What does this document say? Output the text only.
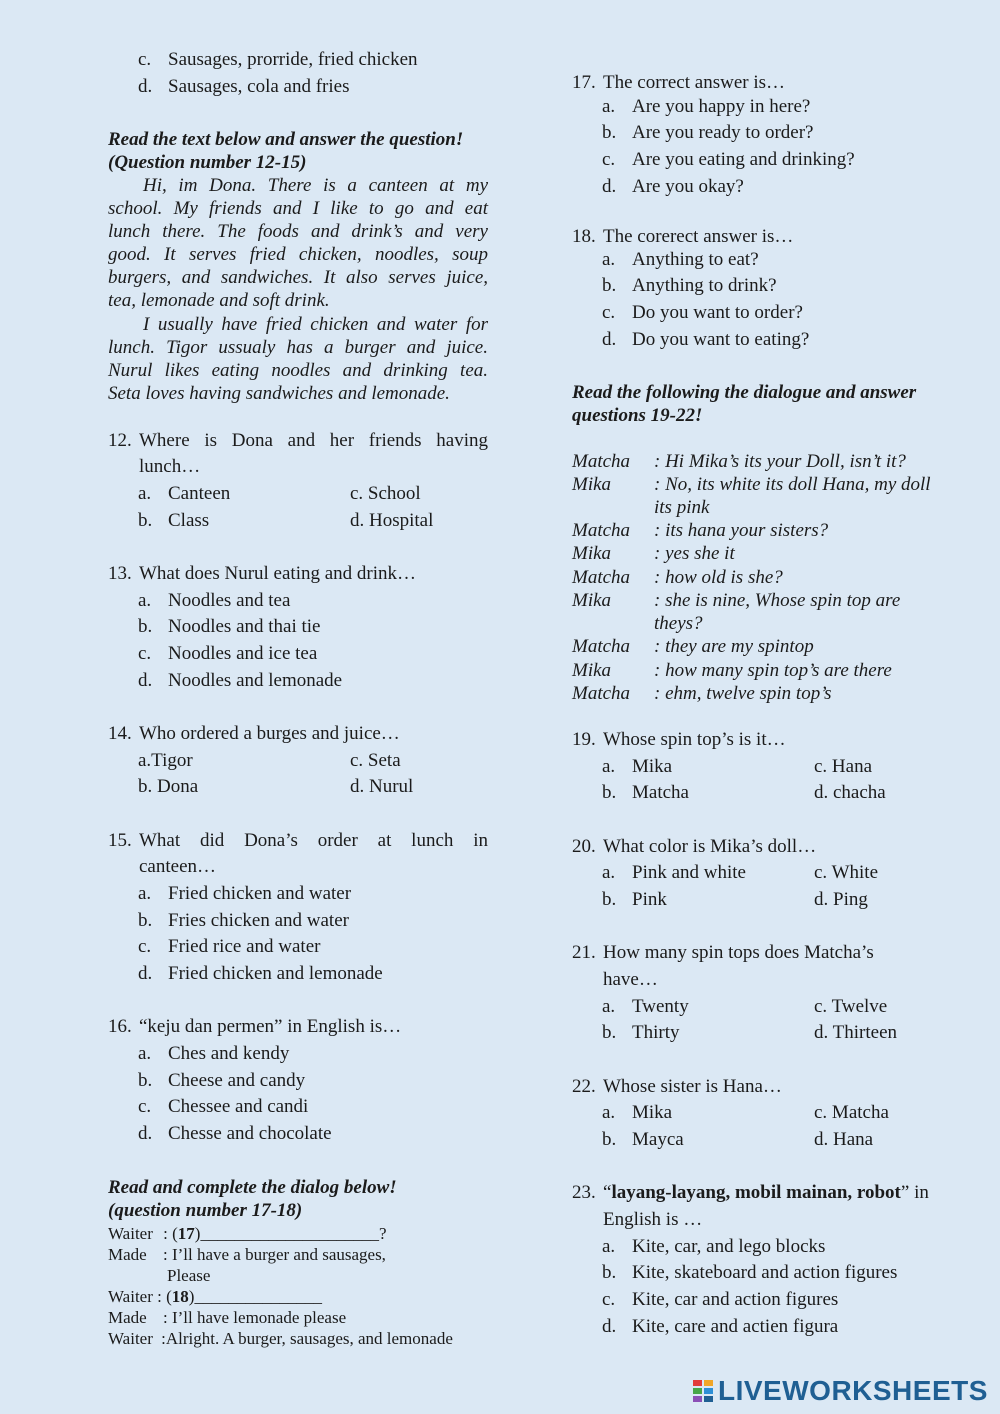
c. Sausages, prorride, fried chicken
d. Sausages, cola and fries
Read the text below and answer the question!
(Question number 12-15)
Hi, im Dona. There is a canteen at my
school. My friends and I like to go and eat
lunch there. The foods and drink’s and very
good. It serves fried chicken, noodles, soup
burgers, and sandwiches. It also serves juice,
tea, lemonade and soft drink.
I usually have fried chicken and water for
lunch. Tigor ussualy has a burger and juice.
Nurul likes eating noodles and drinking tea.
Seta loves having sandwiches and lemonade.
12. Where is Dona and her friends having
lunch…
a. Canteen	c. School
b. Class	d. Hospital
13. What does Nurul eating and drink…
a. Noodles and tea
b. Noodles and thai tie
c. Noodles and ice tea
d. Noodles and lemonade
14. Who ordered a burges and juice…
a.Tigor	c. Seta
b. Dona	d. Nurul
15. What did Dona’s order at lunch in
canteen…
a. Fried chicken and water
b. Fries chicken and water
c. Fried rice and water
d. Fried chicken and lemonade
16. “keju dan permen” in English is…
a. Ches and kendy
b. Cheese and candy
c. Chessee and candi
d. Chesse and chocolate
Read and complete the dialog below!
(question number 17-18)
Waiter : (17)_____________________?
Made : I’ll have a burger and sausages,
Please
Waiter : (18)_______________
Made : I’ll have lemonade please
Waiter :Alright. A burger, sausages, and lemonade
17. The correct answer is…
a. Are you happy in here?
b. Are you ready to order?
c. Are you eating and drinking?
d. Are you okay?
18. The corerect answer is…
a. Anything to eat?
b. Anything to drink?
c. Do you want to order?
d. Do you want to eating?
Read the following the dialogue and answer
questions 19-22!
Matcha : Hi Mika’s its your Doll, isn’t it?
Mika : No, its white its doll Hana, my doll
its pink
Matcha : its hana your sisters?
Mika : yes she it
Matcha : how old is she?
Mika : she is nine, Whose spin top are
theys?
Matcha : they are my spintop
Mika : how many spin top’s are there
Matcha : ehm, twelve spin top’s
19. Whose spin top’s is it…
a. Mika	c. Hana
b. Matcha	d. chacha
20. What color is Mika’s doll…
a. Pink and white	c. White
b. Pink	d. Ping
21. How many spin tops does Matcha’s
have…
a. Twenty	c. Twelve
b. Thirty	d. Thirteen
22. Whose sister is Hana…
a. Mika	c. Matcha
b. Mayca	d. Hana
23. “layang-layang, mobil mainan, robot” in
English is …
a. Kite, car, and lego blocks
b. Kite, skateboard and action figures
c. Kite, car and action figures
d. Kite, care and actien figura
LIVEWORKSHEETS
